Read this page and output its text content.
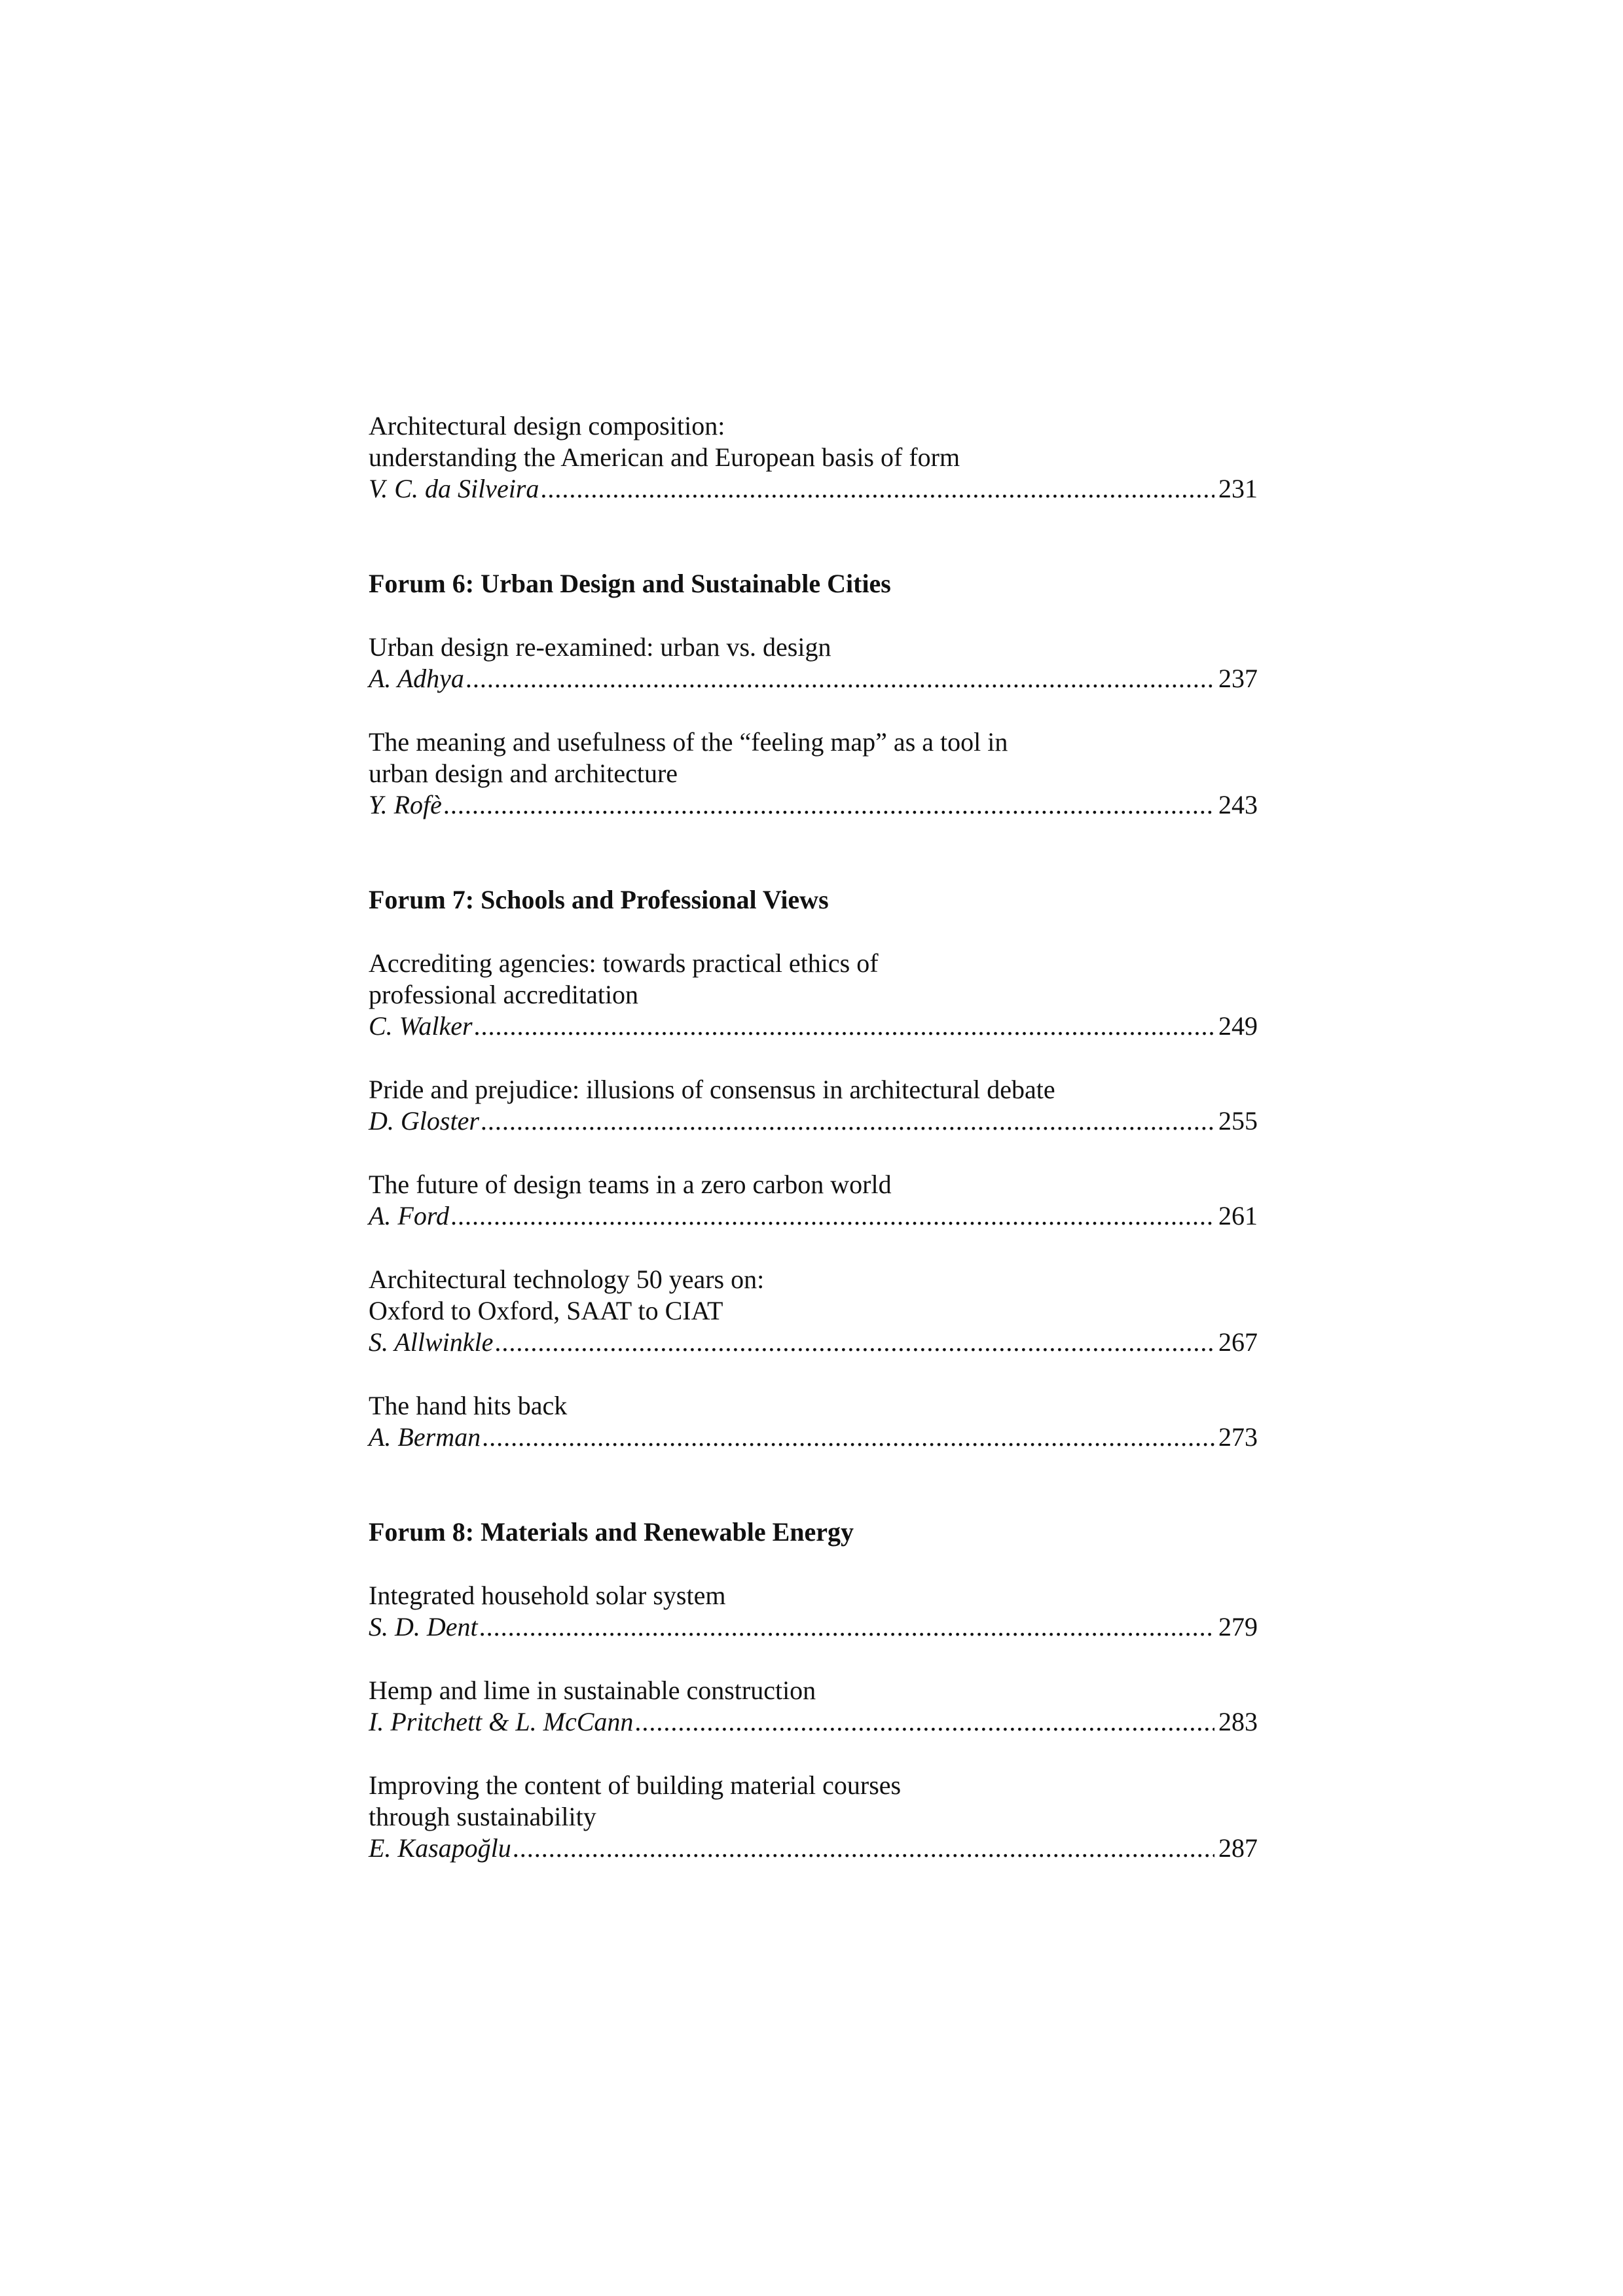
Architectural design composition:
understanding the American and European basis of form
V. C. da Silveira .....	231
Forum 6: Urban Design and Sustainable Cities
Urban design re-examined: urban vs. design
A. Adhya .....	237
The meaning and usefulness of the “feeling map” as a tool in
urban design and architecture
Y. Rofè .....	243
Forum 7: Schools and Professional Views
Accrediting agencies: towards practical ethics of
professional accreditation
C. Walker .....	249
Pride and prejudice: illusions of consensus in architectural debate
D. Gloster .....	255
The future of design teams in a zero carbon world
A. Ford .....	261
Architectural technology 50 years on:
Oxford to Oxford, SAAT to CIAT
S. Allwinkle .....	267
The hand hits back
A. Berman .....	273
Forum 8: Materials and Renewable Energy
Integrated household solar system
S. D. Dent .....	279
Hemp and lime in sustainable construction
I. Pritchett & L. McCann .....	283
Improving the content of building material courses
through sustainability
E. Kasapoğlu .....	287
